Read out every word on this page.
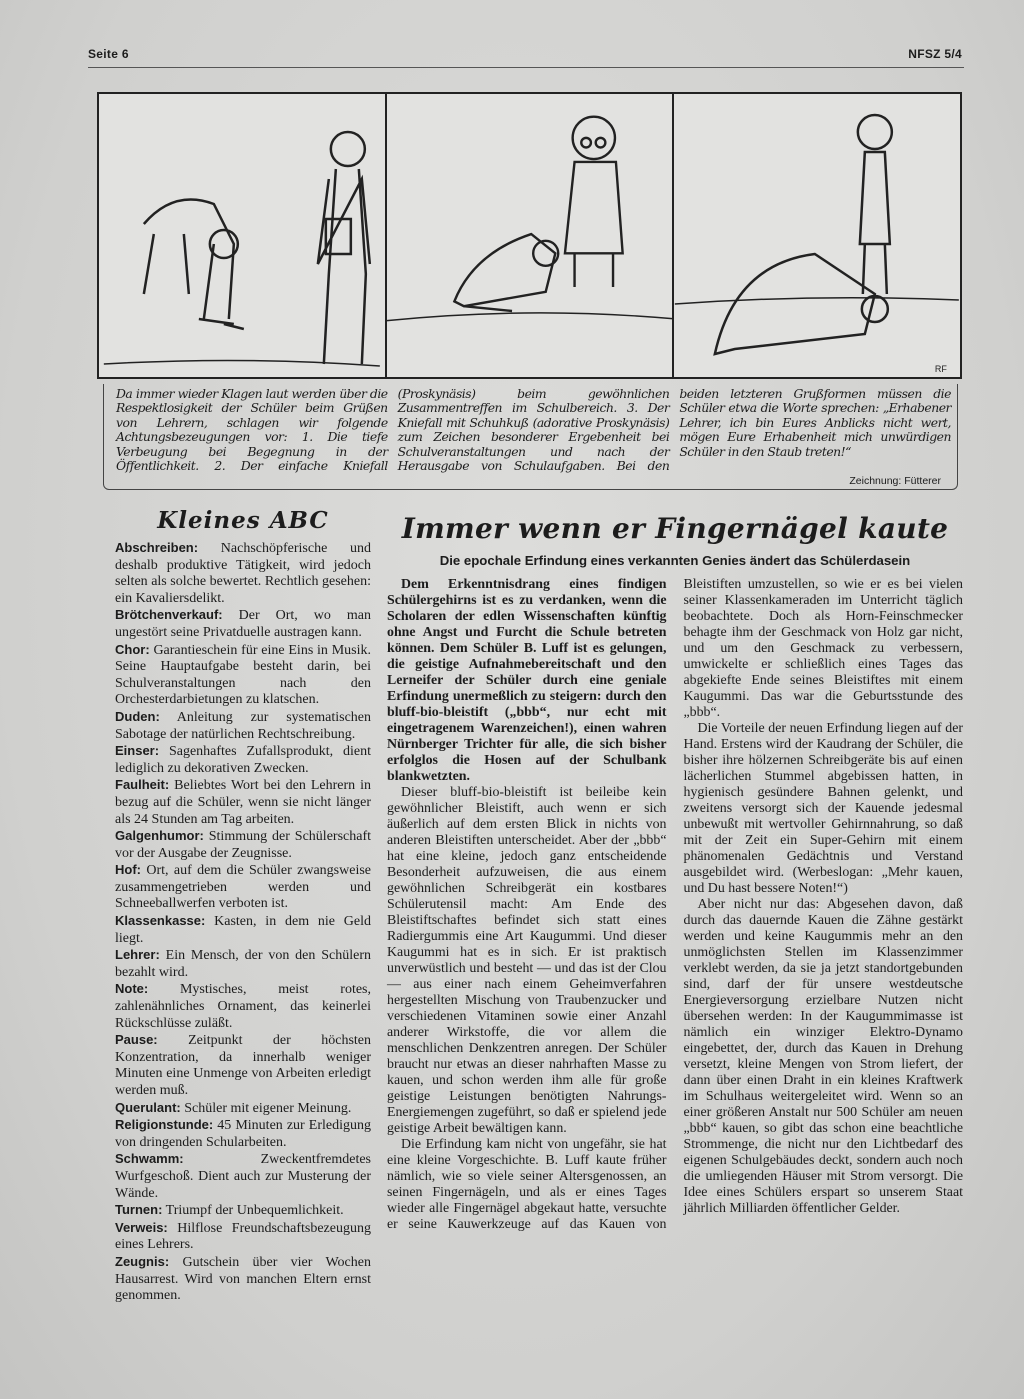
Seite 6	NFSZ 5/4
RF

Da immer wieder Klagen laut werden über die Respektlosigkeit der Schüler beim Grüßen von Lehrern, schlagen wir folgende Achtungsbezeugungen vor: 1. Die tiefe Verbeugung bei Begegnung in der Öffentlichkeit. 2. Der einfache Kniefall (Proskynäsis) beim gewöhnlichen Zusammentreffen im Schulbereich. 3. Der Kniefall mit Schuhkuß (adorative Proskynäsis) zum Zeichen besonderer Ergebenheit bei Schulveranstaltungen und nach der Herausgabe von Schulaufgaben. Bei den beiden letzteren Grußformen müssen die Schüler etwa die Worte sprechen: „Erhabener Lehrer, ich bin Eures Anblicks nicht wert, mögen Eure Erhabenheit mich unwürdigen Schüler in den Staub treten!“

Zeichnung: Fütterer
Kleines ABC

Abschreiben: Nachschöpferische und deshalb produktive Tätigkeit, wird jedoch selten als solche bewertet. Rechtlich gesehen: ein Kavaliersdelikt.

Brötchenverkauf: Der Ort, wo man ungestört seine Privatduelle austragen kann.

Chor: Garantieschein für eine Eins in Musik. Seine Hauptaufgabe besteht darin, bei Schulveranstaltungen nach den Orchesterdarbietungen zu klatschen.

Duden: Anleitung zur systematischen Sabotage der natürlichen Rechtschreibung.

Einser: Sagenhaftes Zufallsprodukt, dient lediglich zu dekorativen Zwecken.

Faulheit: Beliebtes Wort bei den Lehrern in bezug auf die Schüler, wenn sie nicht länger als 24 Stunden am Tag arbeiten.

Galgenhumor: Stimmung der Schülerschaft vor der Ausgabe der Zeugnisse.

Hof: Ort, auf dem die Schüler zwangsweise zusammengetrieben werden und Schneeballwerfen verboten ist.

Klassenkasse: Kasten, in dem nie Geld liegt.

Lehrer: Ein Mensch, der von den Schülern bezahlt wird.

Note: Mystisches, meist rotes, zahlenähnliches Ornament, das keinerlei Rückschlüsse zuläßt.

Pause: Zeitpunkt der höchsten Konzentration, da innerhalb weniger Minuten eine Unmenge von Arbeiten erledigt werden muß.

Querulant: Schüler mit eigener Meinung.

Religionstunde: 45 Minuten zur Erledigung von dringenden Schularbeiten.

Schwamm: Zweckentfremdetes Wurfgeschoß. Dient auch zur Musterung der Wände.

Turnen: Triumpf der Unbequemlichkeit.

Verweis: Hilflose Freundschaftsbezeugung eines Lehrers.

Zeugnis: Gutschein über vier Wochen Hausarrest. Wird von manchen Eltern ernst genommen.

Immer wenn er Fingernägel kaute
Die epochale Erfindung eines verkannten Genies ändert das Schülerdasein

Dem Erkenntnisdrang eines findigen Schülergehirns ist es zu verdanken, wenn die Scholaren der edlen Wissenschaften künftig ohne Angst und Furcht die Schule betreten können. Dem Schüler B. Luff ist es gelungen, die geistige Aufnahmebereitschaft und den Lerneifer der Schüler durch eine geniale Erfindung unermeßlich zu steigern: durch den bluff-bio-bleistift („bbb“, nur echt mit eingetragenem Warenzeichen!), einen wahren Nürnberger Trichter für alle, die sich bisher erfolglos die Hosen auf der Schulbank blankwetzten.

Dieser bluff-bio-bleistift ist beileibe kein gewöhnlicher Bleistift, auch wenn er sich äußerlich auf dem ersten Blick in nichts von anderen Bleistiften unterscheidet. Aber der „bbb“ hat eine kleine, jedoch ganz entscheidende Besonderheit aufzuweisen, die aus einem gewöhnlichen Schreibgerät ein kostbares Schülerutensil macht: Am Ende des Bleistiftschaftes befindet sich statt eines Radiergummis eine Art Kaugummi. Und dieser Kaugummi hat es in sich. Er ist praktisch unverwüstlich und besteht — und das ist der Clou — aus einer nach einem Geheimverfahren hergestellten Mischung von Traubenzucker und verschiedenen Vitaminen sowie einer Anzahl anderer Wirkstoffe, die vor allem die menschlichen Denkzentren anregen. Der Schüler braucht nur etwas an dieser nahrhaften Masse zu kauen, und schon werden ihm alle für große geistige Leistungen benötigten Nahrungs-Energiemengen zugeführt, so daß er spielend jede geistige Arbeit bewältigen kann.

Die Erfindung kam nicht von ungefähr, sie hat eine kleine Vorgeschichte. B. Luff kaute früher nämlich, wie so viele seiner Altersgenossen, an seinen Fingernägeln, und als er eines Tages wieder alle Fingernägel abgekaut hatte, versuchte er seine Kauwerkzeuge auf das Kauen von Bleistiften umzustellen, so wie er es bei vielen seiner Klassenkameraden im Unterricht täglich beobachtete. Doch als Horn-Feinschmecker behagte ihm der Geschmack von Holz gar nicht, und um den Geschmack zu verbessern, umwickelte er schließlich eines Tages das abgekiefte Ende seines Bleistiftes mit einem Kaugummi. Das war die Geburtsstunde des „bbb“.

Die Vorteile der neuen Erfindung liegen auf der Hand. Erstens wird der Kaudrang der Schüler, die bisher ihre hölzernen Schreibgeräte bis auf einen lächerlichen Stummel abgebissen hatten, in hygienisch gesündere Bahnen gelenkt, und zweitens versorgt sich der Kauende jedesmal unbewußt mit wertvoller Gehirnnahrung, so daß mit der Zeit ein Super-Gehirn mit einem phänomenalen Gedächtnis und Verstand ausgebildet wird. (Werbeslogan: „Mehr kauen, und Du hast bessere Noten!“)

Aber nicht nur das: Abgesehen davon, daß durch das dauernde Kauen die Zähne gestärkt werden und keine Kaugummis mehr an den unmöglichsten Stellen im Klassenzimmer verklebt werden, da sie ja jetzt standortgebunden sind, darf der für unsere westdeutsche Energieversorgung erzielbare Nutzen nicht übersehen werden: In der Kaugummimasse ist nämlich ein winziger Elektro-Dynamo eingebettet, der, durch das Kauen in Drehung versetzt, kleine Mengen von Strom liefert, der dann über einen Draht in ein kleines Kraftwerk im Schulhaus weitergeleitet wird. Wenn so an einer größeren Anstalt nur 500 Schüler am neuen „bbb“ kauen, so gibt das schon eine beachtliche Strommenge, die nicht nur den Lichtbedarf des eigenen Schulgebäudes deckt, sondern auch noch die umliegenden Häuser mit Strom versorgt. Die Idee eines Schülers erspart so unserem Staat jährlich Milliarden öffentlicher Gelder.
